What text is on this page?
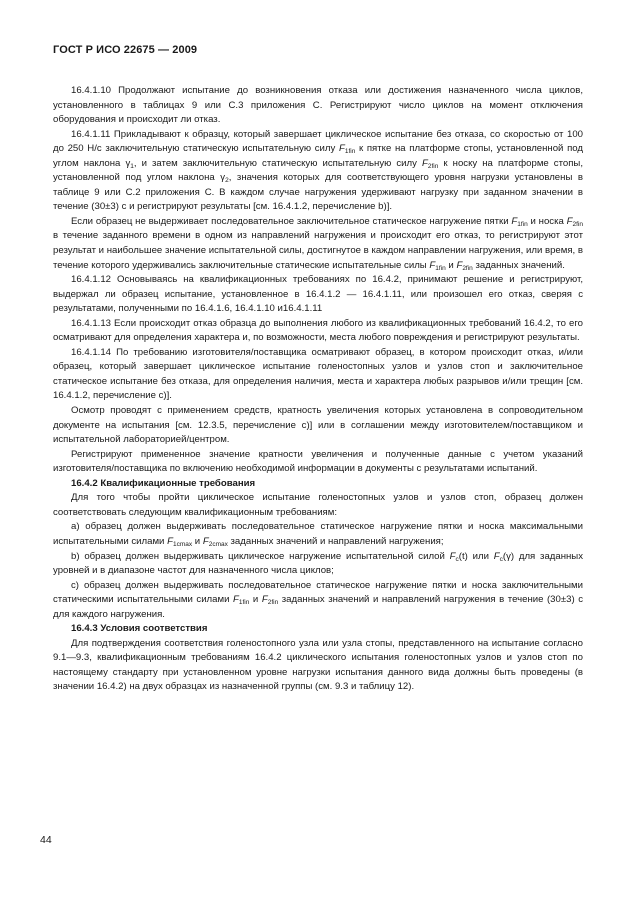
ГОСТ Р ИСО 22675 — 2009

16.4.1.10 Продолжают испытание до возникновения отказа или достижения назначенного числа циклов, установленного в таблицах 9 или С.3 приложения С. Регистрируют число циклов на момент отключения оборудования и происходит ли отказ.

16.4.1.11 Прикладывают к образцу, который завершает циклическое испытание без отказа, со скоростью от 100 до 250 Н/с заключительную статическую испытательную силу $F_{1fin}$ к пятке на платформе стопы, установленной под углом наклона $\gamma_1$, и затем заключительную статическую испытательную силу $F_{2fin}$ к носку на платформе стопы, установленной под углом наклона $\gamma_2$, значения которых для соответствующего уровня нагрузки установлены в таблице 9 или С.2 приложения С. В каждом случае нагружения удерживают нагрузку при заданном значении в течение (30±3) с и регистрируют результаты [см. 16.4.1.2, перечисление b)].

Если образец не выдерживает последовательное заключительное статическое нагружение пятки $F_{1fin}$ и носка $F_{2fin}$ в течение заданного времени в одном из направлений нагружения и происходит его отказ, то регистрируют этот результат и наибольшее значение испытательной силы, достигнутое в каждом направлении нагружения, или время, в течение которого удерживались заключительные статические испытательные силы $F_{1fin}$ и $F_{2fin}$ заданных значений.

16.4.1.12 Основываясь на квалификационных требованиях по 16.4.2, принимают решение и регистрируют, выдержал ли образец испытание, установленное в 16.4.1.2 — 16.4.1.11, или произошел его отказ, сверяя с результатами, полученными по 16.4.1.6, 16.4.1.10 и16.4.1.11

16.4.1.13 Если происходит отказ образца до выполнения любого из квалификационных требований 16.4.2, то его осматривают для определения характера и, по возможности, места любого повреждения и регистрируют результаты.

16.4.1.14 По требованию изготовителя/поставщика осматривают образец, в котором происходит отказ, и/или образец, который завершает циклическое испытание голеностопных узлов и узлов стоп и заключительное статическое испытание без отказа, для определения наличия, места и характера любых разрывов и/или трещин [см. 16.4.1.2, перечисление с)].

Осмотр проводят с применением средств, кратность увеличения которых установлена в сопроводительном документе на испытания [см. 12.3.5, перечисление с)] или в соглашении между изготовителем/поставщиком и испытательной лабораторией/центром.

Регистрируют примененное значение кратности увеличения и полученные данные с учетом указаний изготовителя/поставщика по включению необходимой информации в документы с результатами испытаний.

16.4.2 Квалификационные требования

Для того чтобы пройти циклическое испытание голеностопных узлов и узлов стоп, образец должен соответствовать следующим квалификационным требованиям:

а) образец должен выдерживать последовательное статическое нагружение пятки и носка максимальными испытательными силами $F_{1cmax}$ и $F_{2cmax}$ заданных значений и направлений нагружения;

b) образец должен выдерживать циклическое нагружение испытательной силой $F_c(t)$ или $F_c(\gamma)$ для заданных уровней и в диапазоне частот для назначенного числа циклов;

с) образец должен выдерживать последовательное статическое нагружение пятки и носка заключительными статическими испытательными силами $F_{1fin}$ и $F_{2fin}$ заданных значений и направлений нагружения в течение (30±3) с для каждого нагружения.

16.4.3 Условия соответствия

Для подтверждения соответствия голеностопного узла или узла стопы, представленного на испытание согласно 9.1—9.3, квалификационным требованиям 16.4.2 циклического испытания голеностопных узлов и узлов стоп по настоящему стандарту при установленном уровне нагрузки испытания данного вида должны быть проведены (в значении 16.4.2) на двух образцах из назначенной группы (см. 9.3 и таблицу 12).

44
